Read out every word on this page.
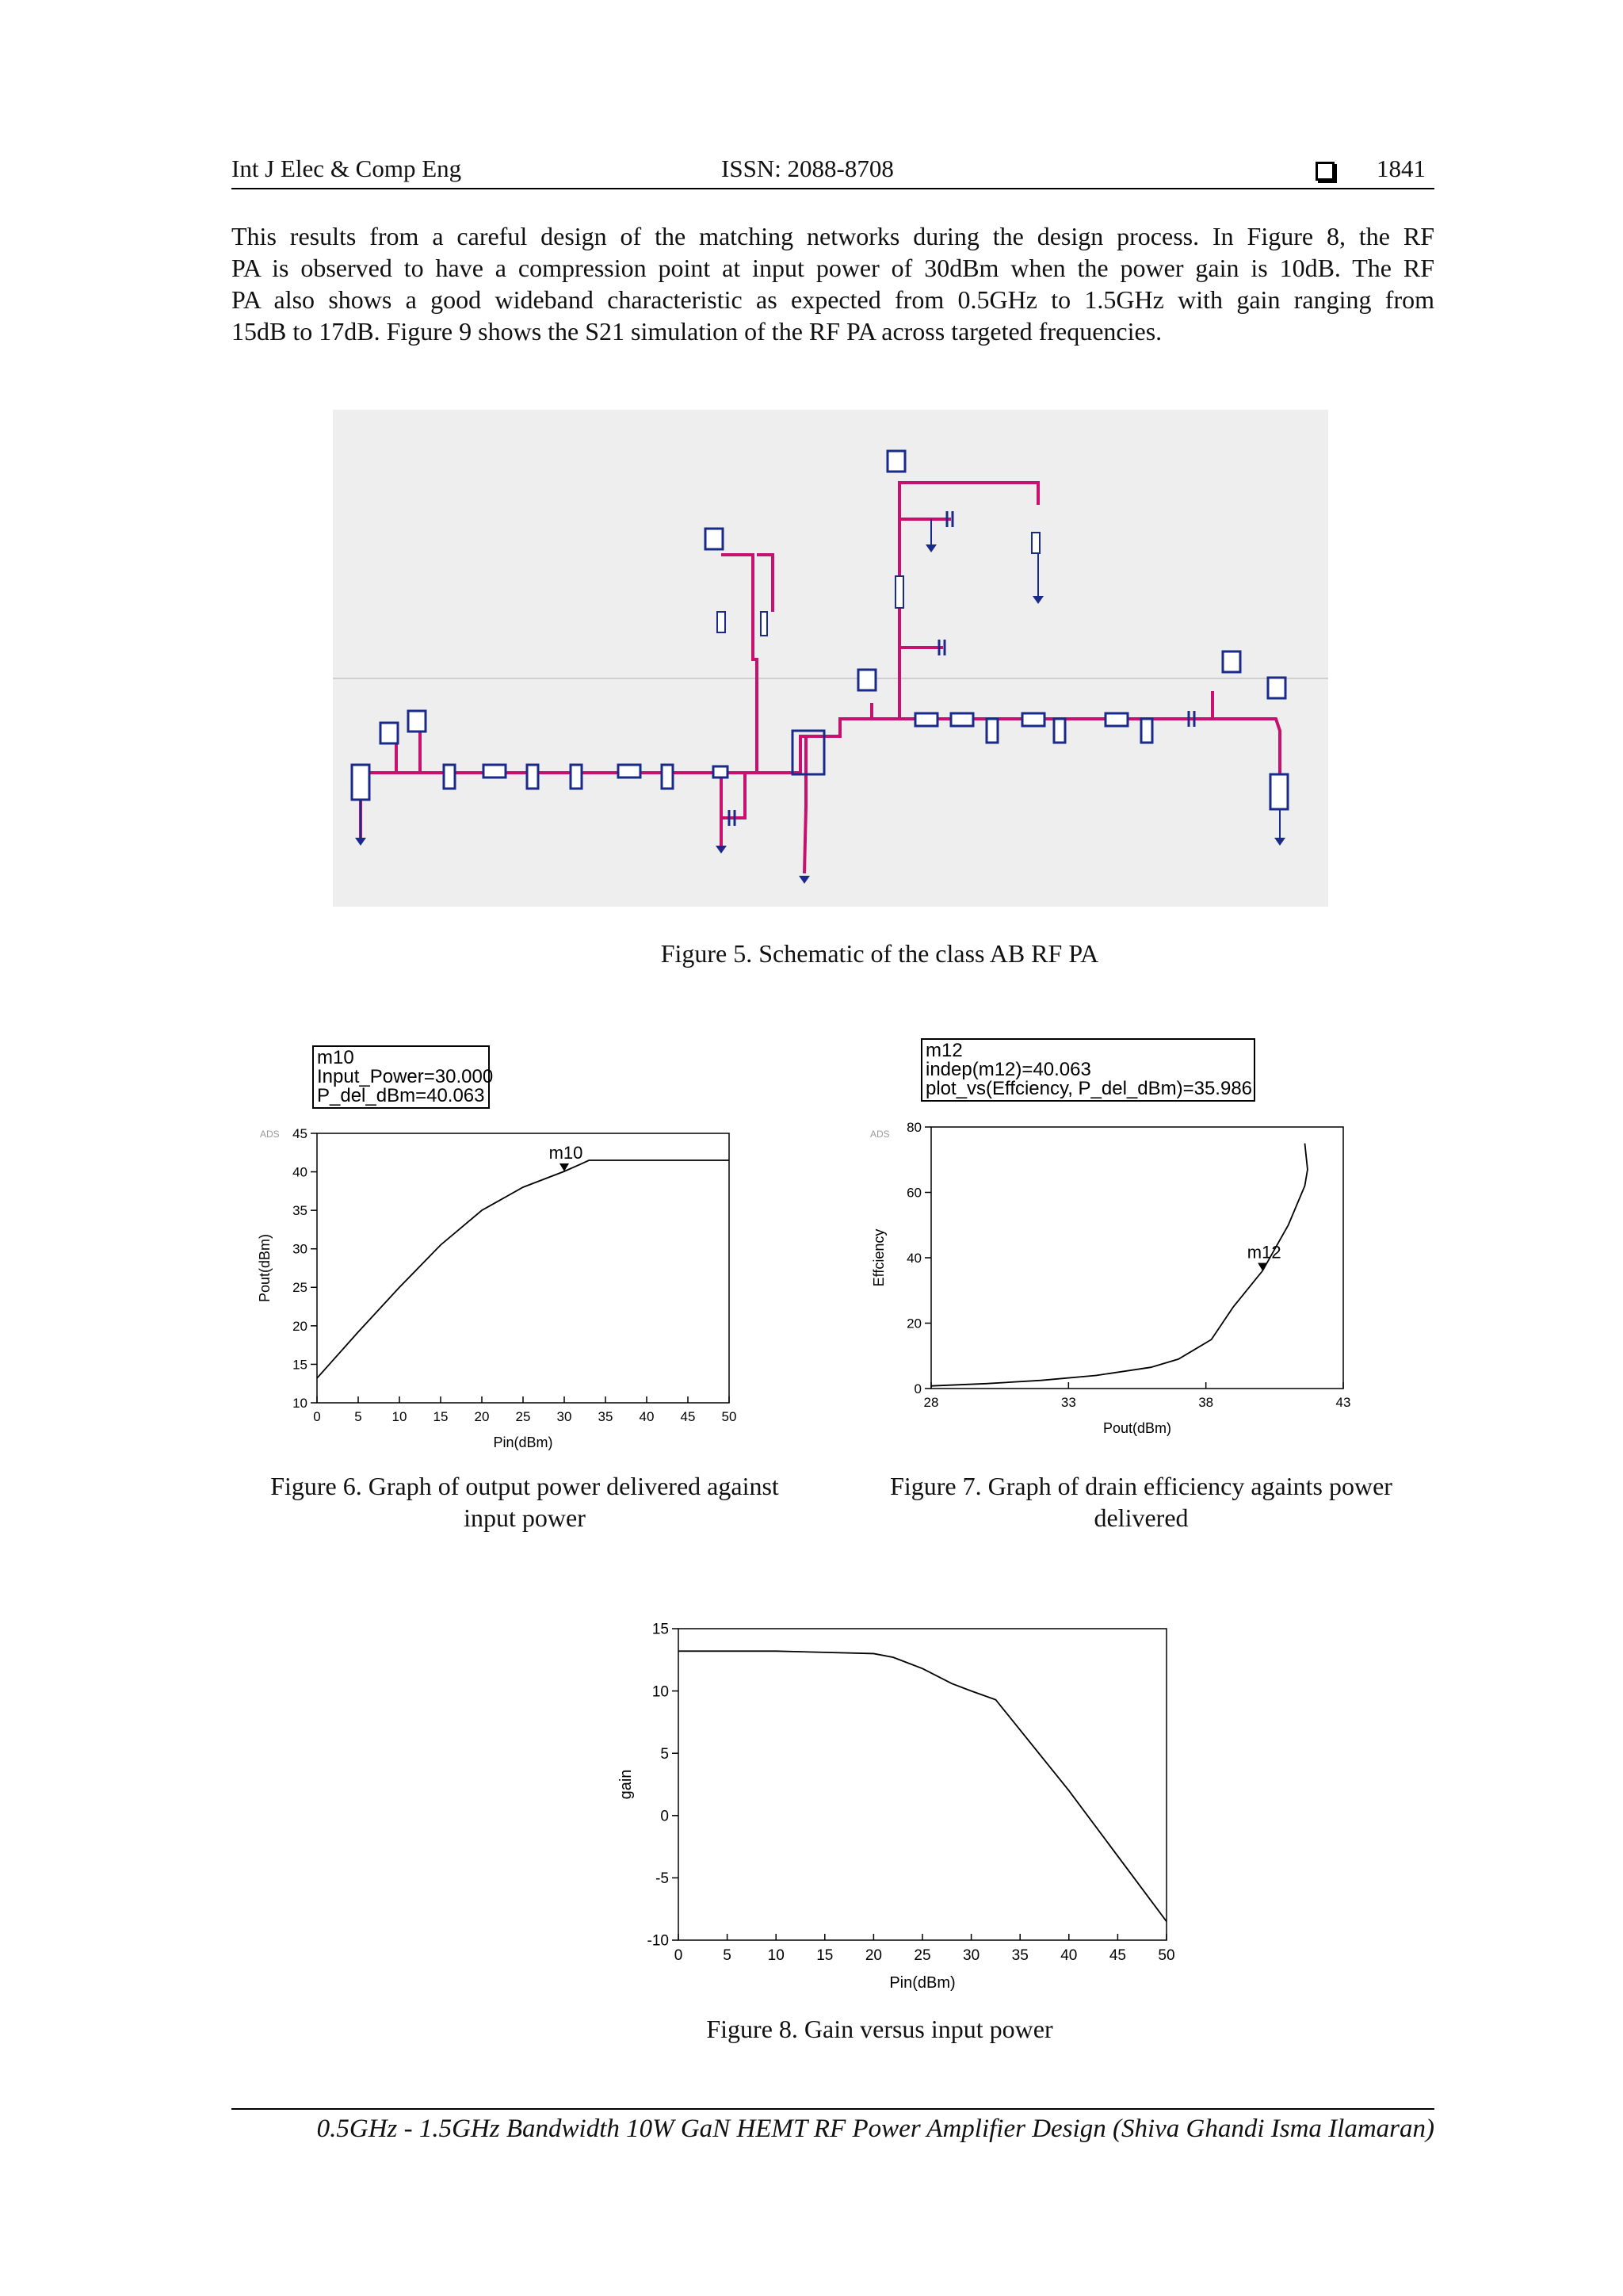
Int J Elec & Comp Eng	ISSN: 2088-8708	1841
This results from a careful design of the matching networks during the design process. In Figure 8, the RF
PA is observed to have a compression point at input power of 30dBm when the power gain is 10dB. The RF
PA also shows a good wideband characteristic as expected from 0.5GHz to 1.5GHz with gain ranging from
15dB to 17dB. Figure 9 shows the S21 simulation of the RF PA across targeted frequencies.
Figure 5. Schematic of the class AB RF PA
m10
Input_Power=30.000
P_del_dBm=40.063
m12
indep(m12)=40.063
plot_vs(Effciency, P_del_dBm)=35.986
ADS
0	5 10 15 20 25 30 35 40 45 50
10
15
20
25
30
35
40
45
Pin(dBm)
Pout(dBm)
m10
ADS
28	33	38	43
0
20
40
60
80
Pout(dBm)
Effciency	m12
Figure 6. Graph of output power delivered against
input power
Figure 7. Graph of drain efficiency againts power
delivered
0	5 10 15 20 25 30 35 40 45 50
-10
-5
0
5
10
15
Pin(dBm)
gain
Figure 8. Gain versus input power
0.5GHz - 1.5GHz Bandwidth 10W GaN HEMT RF Power Amplifier Design (Shiva Ghandi Isma Ilamaran)
